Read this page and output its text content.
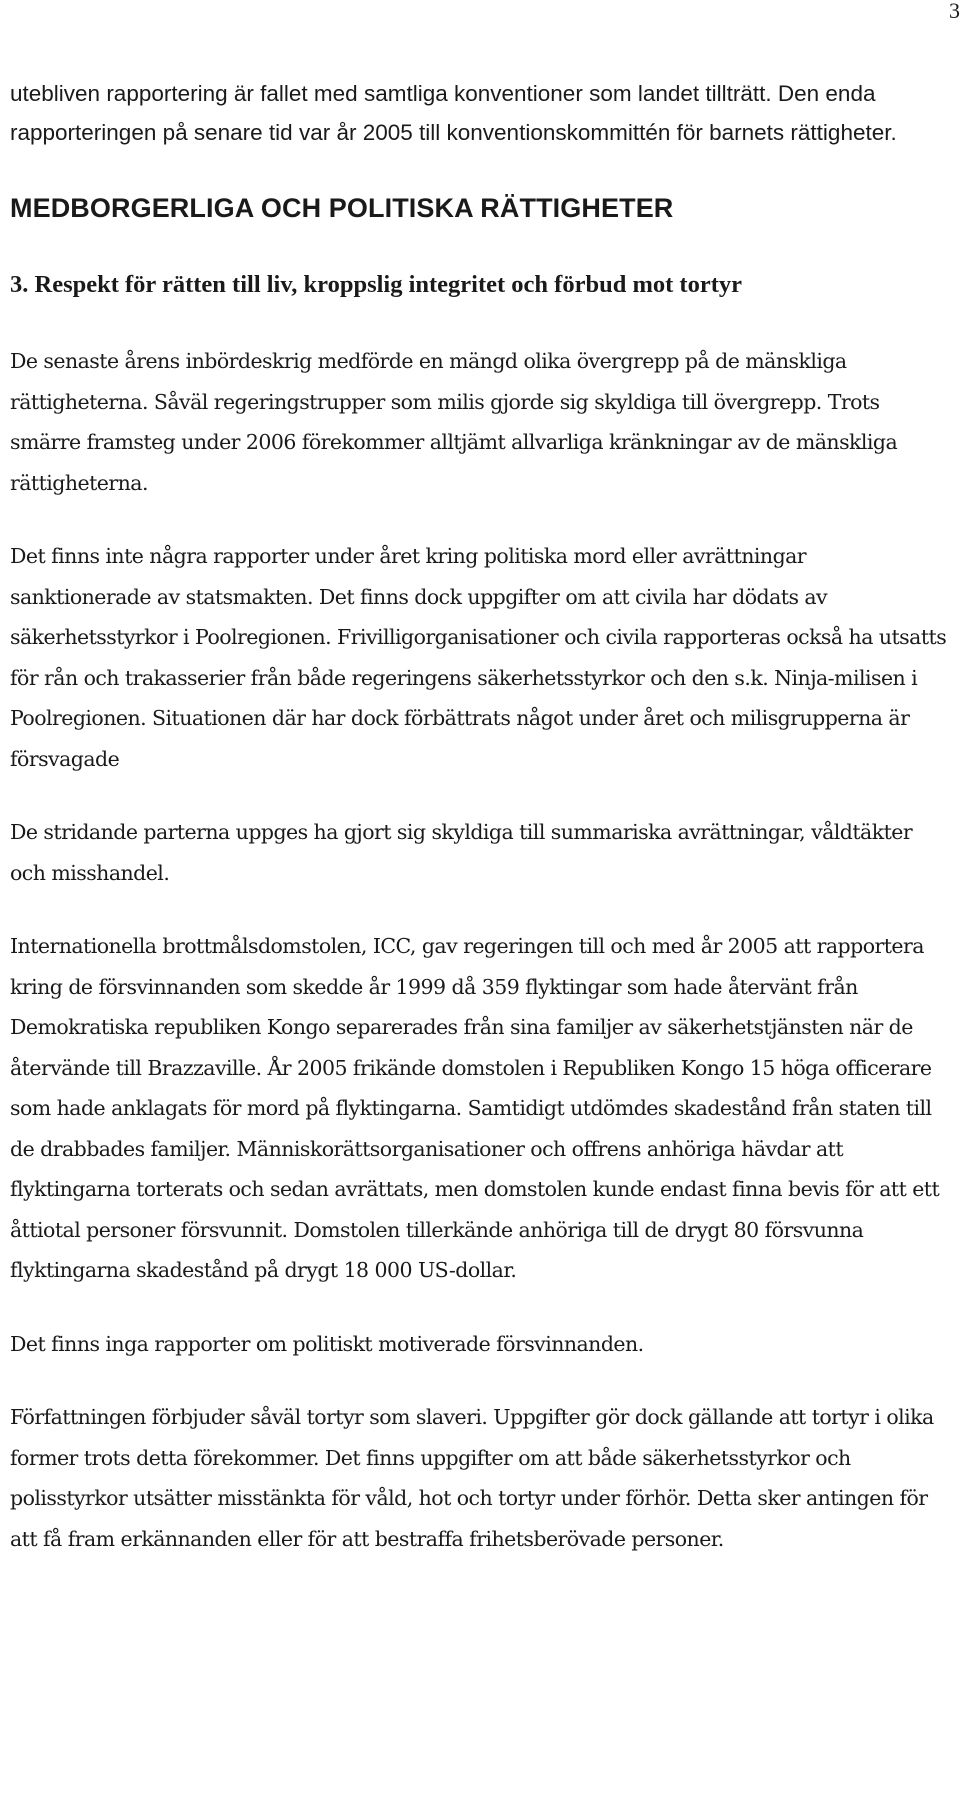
3

utebliven rapportering är fallet med samtliga konventioner som landet tillträtt. Den enda rapporteringen på senare tid var år 2005 till konventionskommittén för barnets rättigheter.

MEDBORGERLIGA OCH POLITISKA RÄTTIGHETER
3. Respekt för rätten till liv, kroppslig integritet och förbud mot tortyr

De senaste årens inbördeskrig medförde en mängd olika övergrepp på de mänskliga rättigheterna. Såväl regeringstrupper som milis gjorde sig skyldiga till övergrepp. Trots smärre framsteg under 2006 förekommer alltjämt allvarliga kränkningar av de mänskliga rättigheterna.

Det finns inte några rapporter under året kring politiska mord eller avrättningar sanktionerade av statsmakten. Det finns dock uppgifter om att civila har dödats av säkerhetsstyrkor i Poolregionen. Frivilligorganisationer och civila rapporteras också ha utsatts för rån och trakasserier från både regeringens säkerhetsstyrkor och den s.k. Ninja-milisen i Poolregionen. Situationen där har dock förbättrats något under året och milisgrupperna är försvagade

De stridande parterna uppges ha gjort sig skyldiga till summariska avrättningar, våldtäkter och misshandel.

Internationella brottmålsdomstolen, ICC, gav regeringen till och med år 2005 att rapportera kring de försvinnanden som skedde år 1999 då 359 flyktingar som hade återvänt från Demokratiska republiken Kongo separerades från sina familjer av säkerhetstjänsten när de återvände till Brazzaville. År 2005 frikände domstolen i Republiken Kongo 15 höga officerare som hade anklagats för mord på flyktingarna. Samtidigt utdömdes skadestånd från staten till de drabbades familjer. Människorättsorganisationer och offrens anhöriga hävdar att flyktingarna torterats och sedan avrättats, men domstolen kunde endast finna bevis för att ett åttiotal personer försvunnit. Domstolen tillerkände anhöriga till de drygt 80 försvunna flyktingarna skadestånd på drygt 18 000 US-dollar.

Det finns inga rapporter om politiskt motiverade försvinnanden.

Författningen förbjuder såväl tortyr som slaveri. Uppgifter gör dock gällande att tortyr i olika former trots detta förekommer. Det finns uppgifter om att både säkerhetsstyrkor och polisstyrkor utsätter misstänkta för våld, hot och tortyr under förhör. Detta sker antingen för att få fram erkännanden eller för att bestraffa frihetsberövade personer.
